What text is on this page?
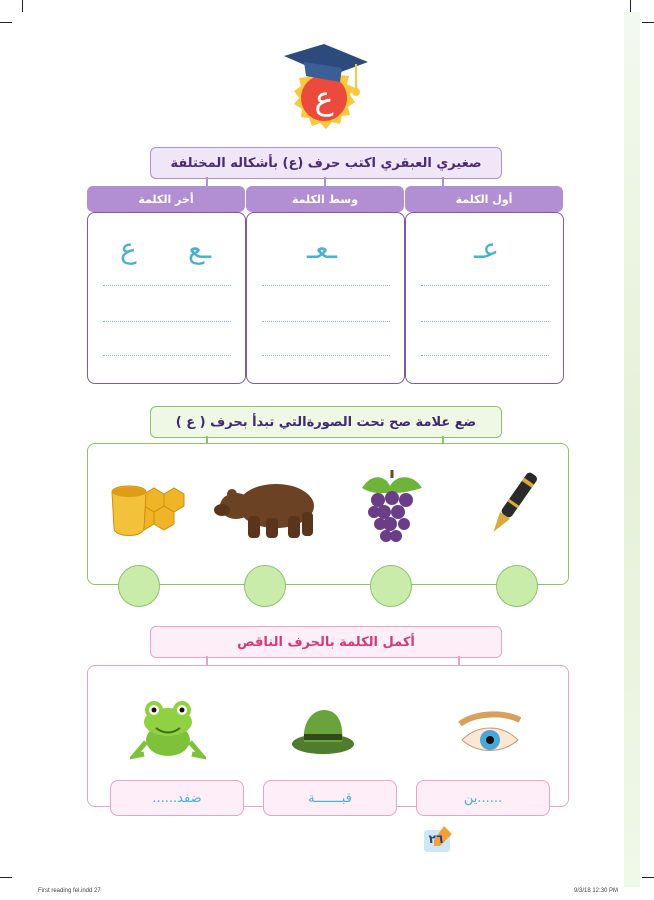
ع
صغيري العبقري اكتب حرف (ع) بأشكاله المختلفة
أول الكلمة
وسط الكلمة
أخر الكلمة
عـ
ـعـ
ـع
ع
ضع علامة صح تحت الصورةالتي تبدأ بحرف ( ع )
أكمل الكلمة بالحرف الناقص
......ين
قبـــــــة
ضفد......
٢٦
First reading fel.indd 27	9/3/18 12:30 PM
